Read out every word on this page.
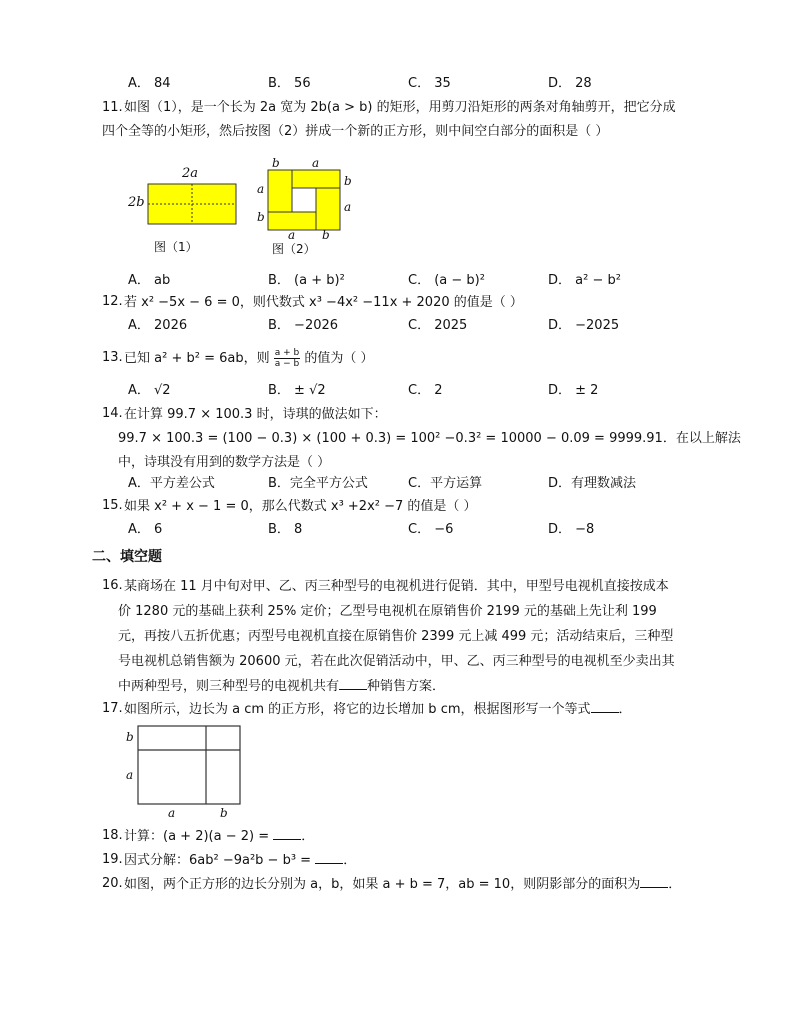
A． 84	B． 56	C． 35	D． 28
11. 如图（1），是一个长为 2a 宽为 2b(a > b) 的矩形，用剪刀沿矩形的两条对角轴剪开，把它分成
四个全等的小矩形，然后按图（2）拼成一个新的正方形，则中间空白部分的面积是（ ）
2a
2b
图（1）
b	a
a
b
b
a
a b
图（2）
A． ab	B． (a + b)²	C． (a − b)²	D． a² − b²
12. 若 x² −5x − 6 = 0，则代数式 x³ −4x² −11x + 2020 的值是（ ）
A． 2026	B． −2026	C． 2025	D． −2025
13. 已知 a² + b² = 6ab，则 $\frac{a + b}{a - b}$ 的值为（ ）
A． √2	B． ± √2	C． 2	D． ± 2
14. 在计算 99.7 × 100.3 时，诗琪的做法如下：
99.7 × 100.3 = (100 − 0.3) × (100 + 0.3) = 100² −0.3² = 10000 − 0.09 = 9999.91．在以上解法
中，诗琪没有用到的数学方法是（ ）
A．平方差公式	B．完全平方公式	C．平方运算	D．有理数减法
15. 如果 x² + x − 1 = 0，那么代数式 x³ +2x² −7 的值是（ ）
A． 6	B． 8	C． −6	D． −8
二、填空题
16. 某商场在 11 月中旬对甲、乙、丙三种型号的电视机进行促销．其中，甲型号电视机直接按成本
价 1280 元的基础上获利 25% 定价；乙型号电视机在原销售价 2199 元的基础上先让利 199
元，再按八五折优惠；丙型号电视机直接在原销售价 2399 元上减 499 元；活动结束后，三种型
号电视机总销售额为 20600 元，若在此次促销活动中，甲、乙、丙三种型号的电视机至少卖出其
中两种型号，则三种型号的电视机共有 种销售方案．
17. 如图所示，边长为 a cm 的正方形，将它的边长增加 b cm，根据图形写一个等式 ．
b
a
a	b
18. 计算：(a + 2)(a − 2) = ．
19. 因式分解：6ab² −9a²b − b³ = ．
20. 如图，两个正方形的边长分别为 a，b，如果 a + b = 7，ab = 10，则阴影部分的面积为 ．
